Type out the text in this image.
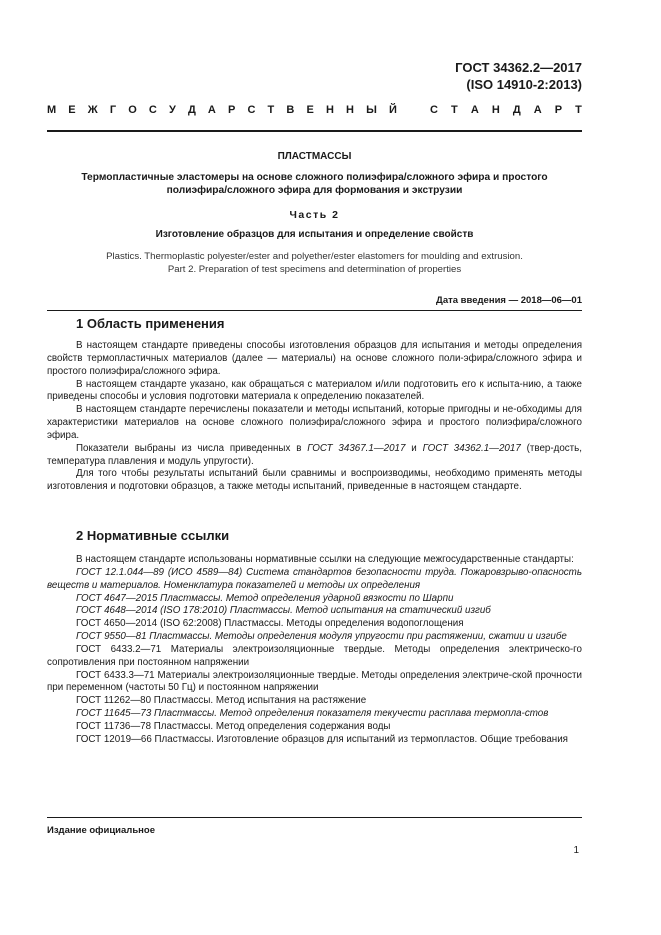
ГОСТ 34362.2—2017
(ISO 14910-2:2013)
М Е Ж Г О С У Д А Р С Т В Е Н Н Ы Й	С Т А Н Д А Р Т
ПЛАСТМАССЫ
Термопластичные эластомеры на основе сложного полиэфира/сложного эфира и простого
полиэфира/сложного эфира для формования и экструзии
Часть 2
Изготовление образцов для испытания и определение свойств
Plastics. Thermoplastic polyester/ester and polyether/ester elastomers for moulding and extrusion.
Part 2. Preparation of test specimens and determination of properties
Дата введения — 2018—06—01
1 Область применения

В настоящем стандарте приведены способы изготовления образцов для испытания и методы определения свойств термопластичных материалов (далее — материалы) на основе сложного поли-эфира/сложного эфира и простого полиэфира/сложного эфира.

В настоящем стандарте указано, как обращаться с материалом и/или подготовить его к испыта-нию, а также приведены способы и условия подготовки материала к определению показателей.

В настоящем стандарте перечислены показатели и методы испытаний, которые пригодны и не-обходимы для характеристики материалов на основе сложного полиэфира/сложного эфира и простого полиэфира/сложного эфира.

Показатели выбраны из числа приведенных в ГОСТ 34367.1—2017 и ГОСТ 34362.1—2017 (твер-дость, температура плавления и модуль упругости).

Для того чтобы результаты испытаний были сравнимы и воспроизводимы, необходимо применять методы изготовления и подготовки образцов, а также методы испытаний, приведенные в настоящем стандарте.

2 Нормативные ссылки

В настоящем стандарте использованы нормативные ссылки на следующие межгосударственные стандарты:

ГОСТ 12.1.044—89 (ИСО 4589—84) Система стандартов безопасности труда. Пожаровзрыво-опасность веществ и материалов. Номенклатура показателей и методы их определения

ГОСТ 4647—2015 Пластмассы. Метод определения ударной вязкости по Шарпи

ГОСТ 4648—2014 (ISO 178:2010) Пластмассы. Метод испытания на статический изгиб

ГОСТ 4650—2014 (ISO 62:2008) Пластмассы. Методы определения водопоглощения

ГОСТ 9550—81 Пластмассы. Методы определения модуля упругости при растяжении, сжатии и изгибе

ГОСТ 6433.2—71 Материалы электроизоляционные твердые. Методы определения электрическо-го сопротивления при постоянном напряжении

ГОСТ 6433.3—71 Материалы электроизоляционные твердые. Методы определения электриче-ской прочности при переменном (частоты 50 Гц) и постоянном напряжении

ГОСТ 11262—80 Пластмассы. Метод испытания на растяжение

ГОСТ 11645—73 Пластмассы. Метод определения показателя текучести расплава термопла-стов

ГОСТ 11736—78 Пластмассы. Метод определения содержания воды

ГОСТ 12019—66 Пластмассы. Изготовление образцов для испытаний из термопластов. Общие требования

Издание официальное
1
